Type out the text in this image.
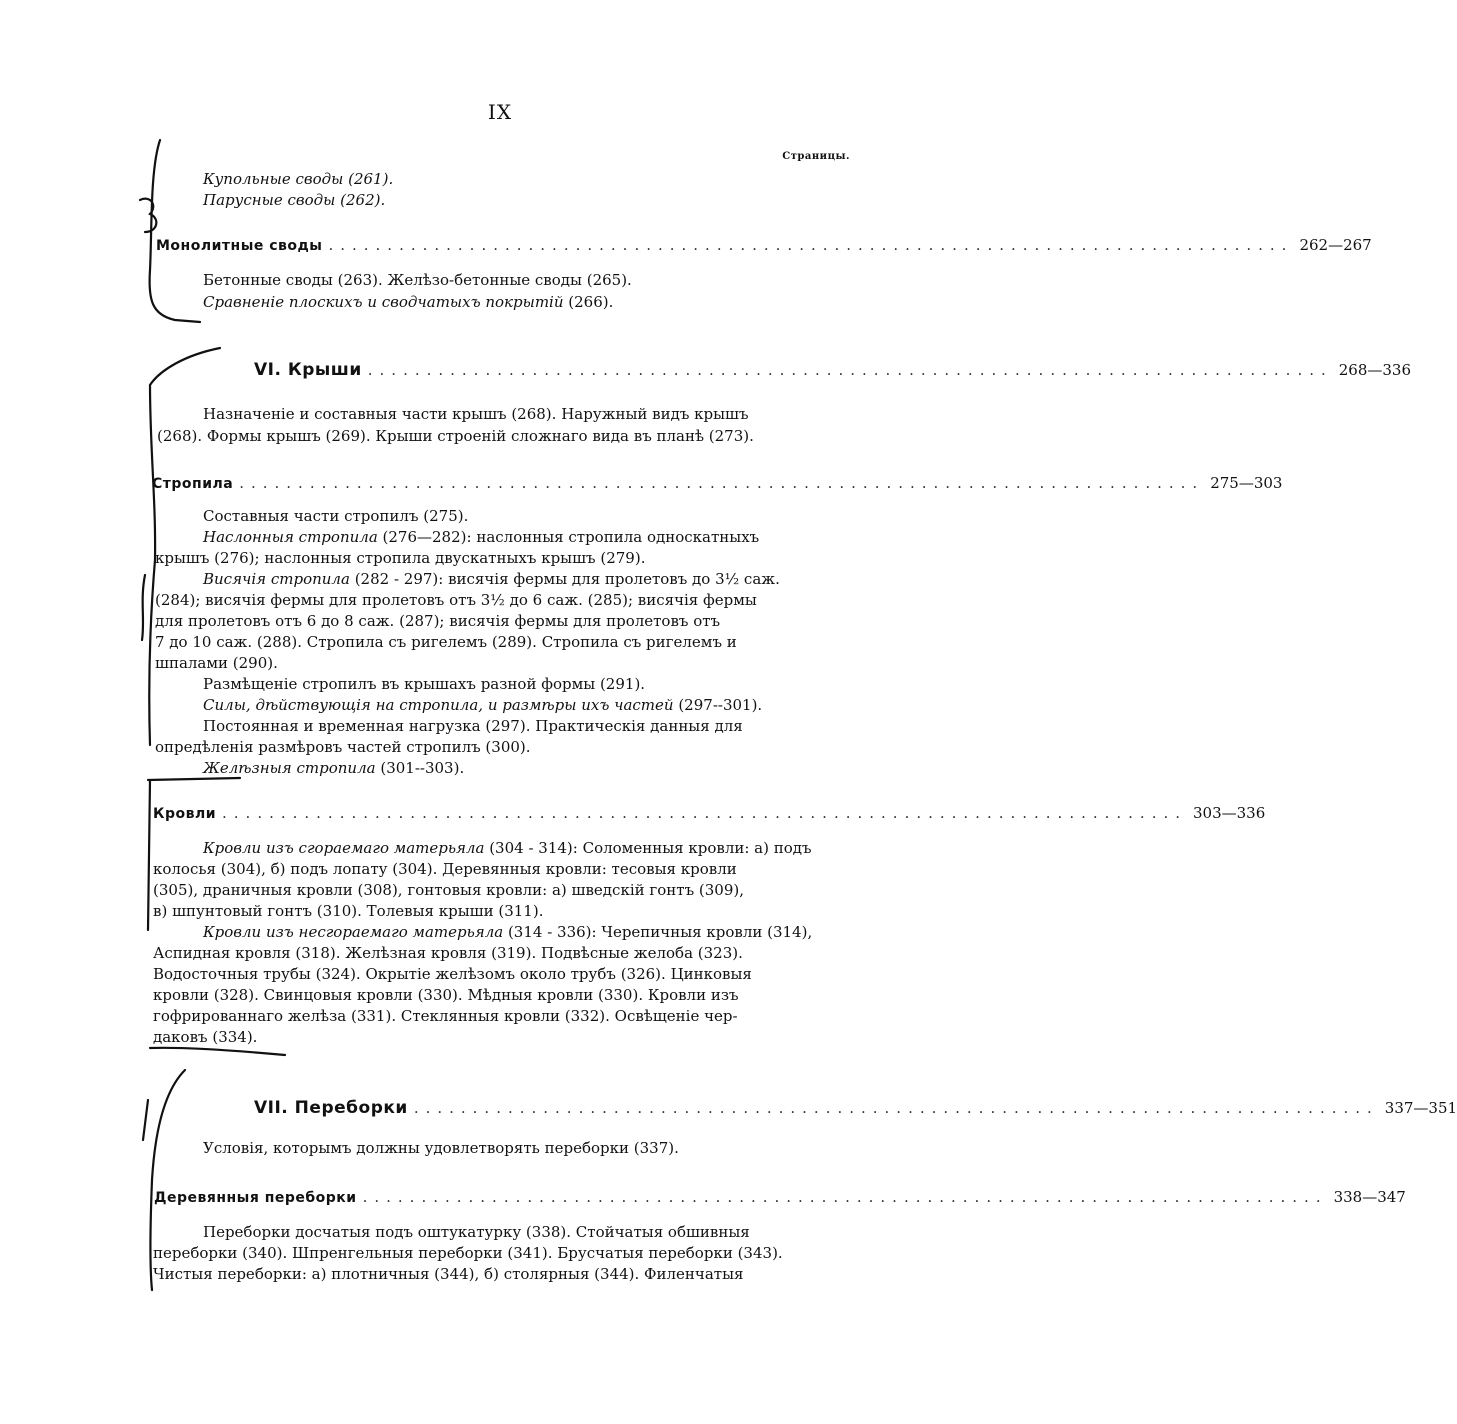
IX
Страницы.
Купольные своды (261).
Парусные своды (262).
Монолитные своды .................................................................................. 262—267
Бетонные своды (263). Желѣзо-бетонные своды (265).
Сравненіе плоскихъ и сводчатыхъ покрытій (266).
VI. Крыши .................................................................................. 268—336
Назначеніе и составныя части крышъ (268). Наружный видъ крышъ
(268). Формы крышъ (269). Крыши строеній сложнаго вида въ планѣ (273).
Стропила .................................................................................. 275—303
Составныя части стропилъ (275).
Наслонныя стропила (276—282): наслонныя стропила односкатныхъ
крышъ (276); наслонныя стропила двускатныхъ крышъ (279).
Висячія стропила (282 - 297): висячія фермы для пролетовъ до 3½ саж.
(284); висячія фермы для пролетовъ отъ 3½ до 6 саж. (285); висячія фермы
для пролетовъ отъ 6 до 8 саж. (287); висячія фермы для пролетовъ отъ
7 до 10 саж. (288). Стропила съ ригелемъ (289). Стропила съ ригелемъ и
шпалами (290).
Размѣщеніе стропилъ въ крышахъ разной формы (291).
Силы, дѣйствующія на стропила, и размѣры ихъ частей (297--301).
Постоянная и временная нагрузка (297). Практическія данныя для
опредѣленія размѣровъ частей стропилъ (300).
Желѣзныя стропила (301--303).
Кровли .................................................................................. 303—336
Кровли изъ сгораемаго матерьяла (304 - 314): Соломенныя кровли: а) подъ
колосья (304), б) подъ лопату (304). Деревянныя кровли: тесовыя кровли
(305), драничныя кровли (308), гонтовыя кровли: а) шведскій гонтъ (309),
в) шпунтовый гонтъ (310). Толевыя крыши (311).
Кровли изъ несгораемаго матерьяла (314 - 336): Черепичныя кровли (314),
Аспидная кровля (318). Желѣзная кровля (319). Подвѣсные желоба (323).
Водосточныя трубы (324). Окрытіе желѣзомъ около трубъ (326). Цинковыя
кровли (328). Свинцовыя кровли (330). Мѣдныя кровли (330). Кровли изъ
гофрированнаго желѣза (331). Стеклянныя кровли (332). Освѣщеніе чер-
даковъ (334).
VII. Переборки .................................................................................. 337—351
Условія, которымъ должны удовлетворять переборки (337).
Деревянныя переборки .................................................................................. 338—347
Переборки досчатыя подъ оштукатурку (338). Стойчатыя обшивныя
переборки (340). Шпренгельныя переборки (341). Брусчатыя переборки (343).
Чистыя переборки: а) плотничныя (344), б) столярныя (344). Филенчатыя
